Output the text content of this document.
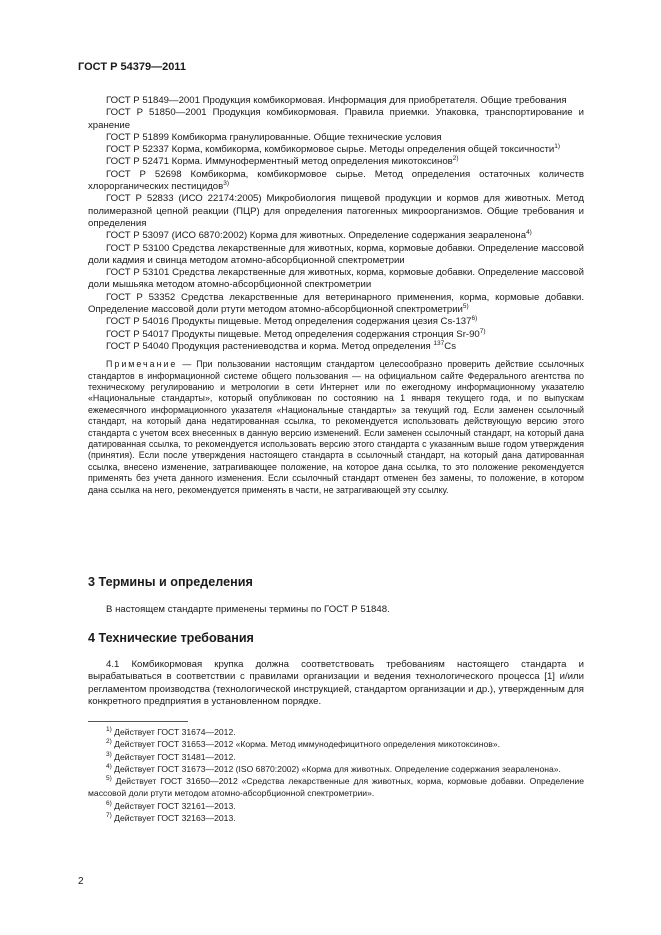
ГОСТ Р 54379—2011

ГОСТ Р 51849—2001 Продукция комбикормовая. Информация для приобретателя. Общие требования

ГОСТ Р 51850—2001 Продукция комбикормовая. Правила приемки. Упаковка, транспортирование и хранение

ГОСТ Р 51899 Комбикорма гранулированные. Общие технические условия

ГОСТ Р 52337 Корма, комбикорма, комбикормовое сырье. Методы определения общей токсичности$^{1)}$

ГОСТ Р 52471 Корма. Иммуноферментный метод определения микотоксинов$^{2)}$

ГОСТ Р 52698 Комбикорма, комбикормовое сырье. Метод определения остаточных количеств хлорорганических пестицидов$^{3)}$

ГОСТ Р 52833 (ИСО 22174:2005) Микробиология пищевой продукции и кормов для животных. Метод полимеразной цепной реакции (ПЦР) для определения патогенных микроорганизмов. Общие требования и определения

ГОСТ Р 53097 (ИСО 6870:2002) Корма для животных. Определение содержания зеараленона$^{4)}$

ГОСТ Р 53100 Средства лекарственные для животных, корма, кормовые добавки. Определение массовой доли кадмия и свинца методом атомно-абсорбционной спектрометрии

ГОСТ Р 53101 Средства лекарственные для животных, корма, кормовые добавки. Определение массовой доли мышьяка методом атомно-абсорбционной спектрометрии

ГОСТ Р 53352 Средства лекарственные для ветеринарного применения, корма, кормовые добавки. Определение массовой доли ртути методом атомно-абсорбционной спектрометрии$^{5)}$

ГОСТ Р 54016 Продукты пищевые. Метод определения содержания цезия Cs-137$^{6)}$

ГОСТ Р 54017 Продукты пищевые. Метод определения содержания стронция Sr-90$^{7)}$

ГОСТ Р 54040 Продукция растениеводства и корма. Метод определения $^{137}$Cs

Примечание — При пользовании настоящим стандартом целесообразно проверить действие ссылочных стандартов в информационной системе общего пользования — на официальном сайте Федерального агентства по техническому регулированию и метрологии в сети Интернет или по ежегодному информационному указателю «Национальные стандарты», который опубликован по состоянию на 1 января текущего года, и по выпускам ежемесячного информационного указателя «Национальные стандарты» за текущий год. Если заменен ссылочный стандарт, на который дана недатированная ссылка, то рекомендуется использовать действующую версию этого стандарта с учетом всех внесенных в данную версию изменений. Если заменен ссылочный стандарт, на который дана датированная ссылка, то рекомендуется использовать версию этого стандарта с указанным выше годом утверждения (принятия). Если после утверждения настоящего стандарта в ссылочный стандарт, на который дана датированная ссылка, внесено изменение, затрагивающее положение, на которое дана ссылка, то это положение рекомендуется применять без учета данного изменения. Если ссылочный стандарт отменен без замены, то положение, в котором дана ссылка на него, рекомендуется применять в части, не затрагивающей эту ссылку.

3 Термины и определения

В настоящем стандарте применены термины по ГОСТ Р 51848.

4 Технические требования

4.1 Комбикормовая крупка должна соответствовать требованиям настоящего стандарта и вырабатываться в соответствии с правилами организации и ведения технологического процесса [1] и/или регламентом производства (технологической инструкцией, стандартом организации и др.), утвержденным для конкретного предприятия в установленном порядке.

$^{1)}$ Действует ГОСТ 31674—2012.

$^{2)}$ Действует ГОСТ 31653—2012 «Корма. Метод иммунодефицитного определения микотоксинов».

$^{3)}$ Действует ГОСТ 31481—2012.

$^{4)}$ Действует ГОСТ 31673—2012 (ISO 6870:2002) «Корма для животных. Определение содержания зеараленона».

$^{5)}$ Действует ГОСТ 31650—2012 «Средства лекарственные для животных, корма, кормовые добавки. Определение массовой доли ртути методом атомно-абсорбционной спектрометрии».

$^{6)}$ Действует ГОСТ 32161—2013.

$^{7)}$ Действует ГОСТ 32163—2013.

2
